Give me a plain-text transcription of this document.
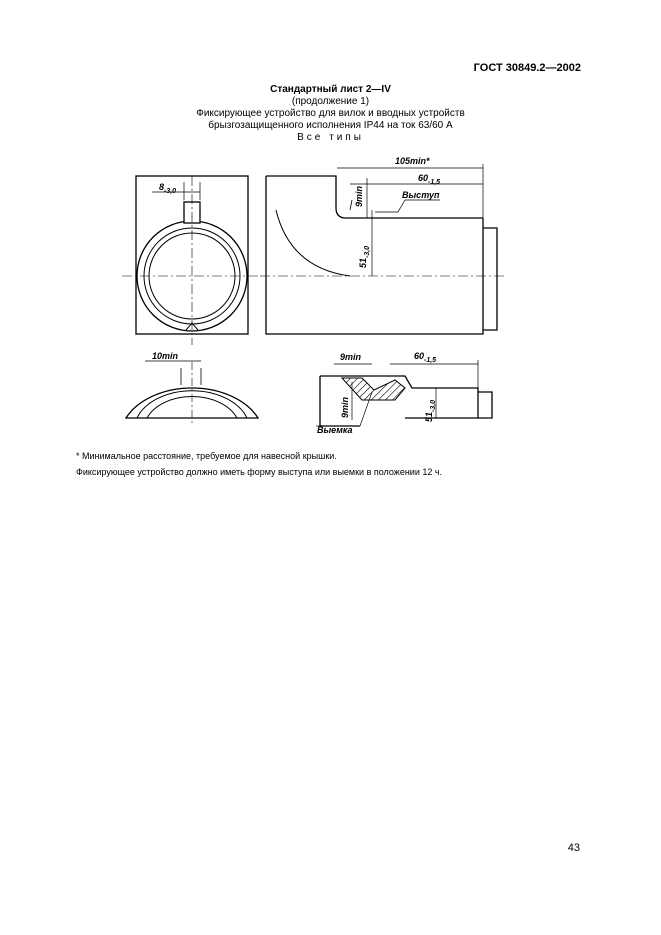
ГОСТ 30849.2—2002
Стандартный лист 2—IV
(продолжение 1)
Фиксирующее устройство для вилок и вводных устройств
брызгозащищенного исполнения IP44 на ток 63/60 А
Все типы
$8_{-3,0}$
105min*
$60_{-1,5}$
9min	Выступ
$51_{-3,0}$
10min	9min	$60_{-1,5}$
9min	$51_{-3,0}$
Выемка
* Минимальное расстояние, требуемое для навесной крышки.
Фиксирующее устройство должно иметь форму выступа или выемки в положении 12 ч.
43
